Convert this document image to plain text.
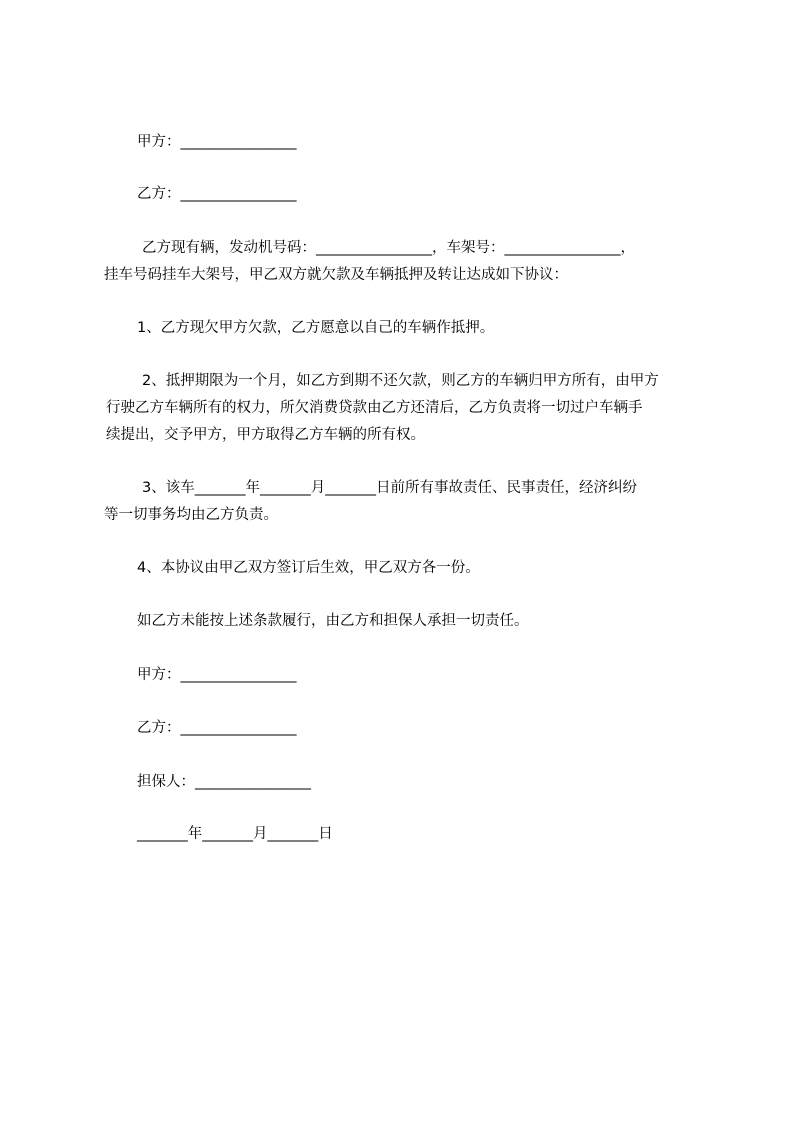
甲方：________________
乙方：________________
乙方现有辆，发动机号码：________________，车架号：________________，
挂车号码挂车大架号，甲乙双方就欠款及车辆抵押及转让达成如下协议：
1、乙方现欠甲方欠款，乙方愿意以自己的车辆作抵押。
2、抵押期限为一个月，如乙方到期不还欠款，则乙方的车辆归甲方所有，由甲方
行驶乙方车辆所有的权力，所欠消费贷款由乙方还清后，乙方负责将一切过户车辆手
续提出，交予甲方，甲方取得乙方车辆的所有权。
3、该车_______年_______月_______日前所有事故责任、民事责任，经济纠纷
等一切事务均由乙方负责。
4、本协议由甲乙双方签订后生效，甲乙双方各一份。
如乙方未能按上述条款履行，由乙方和担保人承担一切责任。
甲方：________________
乙方：________________
担保人：________________
_______年_______月_______日
